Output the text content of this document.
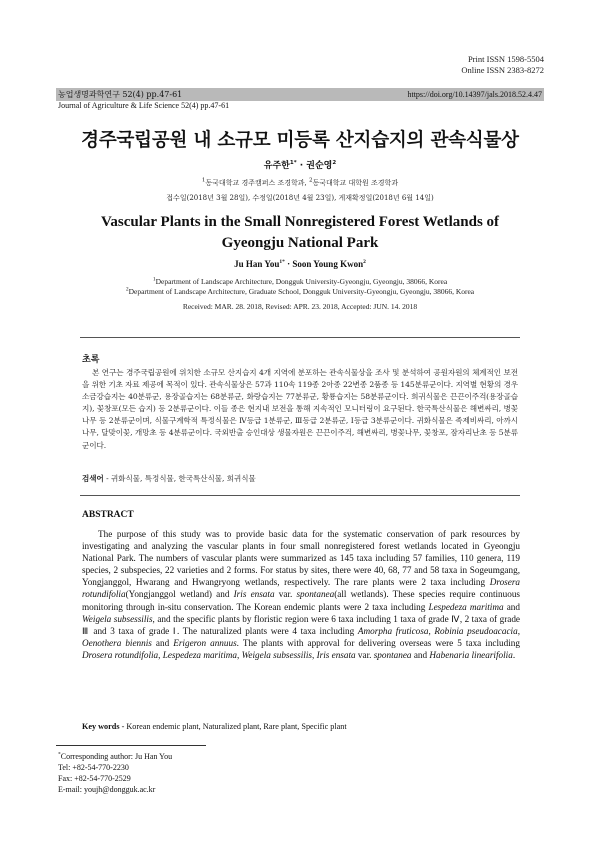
Print ISSN 1598-5504
Online ISSN 2383-8272
농업생명과학연구 52(4) pp.47-61	https://doi.org/10.14397/jals.2018.52.4.47
Journal of Agriculture & Life Science 52(4) pp.47-61
경주국립공원 내 소규모 미등록 산지습지의 관속식물상
유주한$^{1*}$ · 권순영$^2$
$^1$동국대학교 경주캠퍼스 조경학과, $^2$동국대학교 대학원 조경학과
접수일(2018년 3월 28일), 수정일(2018년 4월 23일), 게재확정일(2018년 6월 14일)
Vascular Plants in the Small Nonregistered Forest Wetlands of
Gyeongju National Park
Ju Han You$^{1*}$ · Soon Young Kwon$^2$
$^1$Department of Landscape Architecture, Dongguk University-Gyeongju, Gyeongju, 38066, Korea
$^2$Department of Landscape Architecture, Graduate School, Dongguk University-Gyeongju, Gyeongju, 38066, Korea
Received: MAR. 28. 2018, Revised: APR. 23. 2018, Accepted: JUN. 14. 2018
초록
본 연구는 경주국립공원에 위치한 소규모 산지습지 4개 지역에 분포하는 관속식물상을 조사 및 분석하여 공원자원의 체계적인 보전을 위한 기초 자료 제공에 목적이 있다. 관속식물상은 57과 110속 119종 2아종 22변종 2품종 등 145분류군이다. 지역별 현황의 경우 소금강습지는 40분류군, 용장골습지는 68분류군, 화랑습지는 77분류군, 황룡습지는 58분류군이다. 희귀식물은 끈끈이주걱(용장골습지), 꽃창포(모든 습지) 등 2분류군이다. 이들 종은 현지내 보전을 통해 지속적인 모니터링이 요구된다. 한국특산식물은 해변싸리, 병꽃나무 등 2분류군이며, 식물구계학적 특정식물은 Ⅳ등급 1분류군, Ⅲ등급 2분류군, Ⅰ등급 3분류군이다. 귀화식물은 족제비싸리, 아까시나무, 달맞이꽃, 개망초 등 4분류군이다. 국외반출 승인대상 생물자원은 끈끈이주걱, 해변싸리, 병꽃나무, 꽃창포, 잠자리난초 등 5분류군이다.
검색어 - 귀화식물, 특정식물, 한국특산식물, 희귀식물
ABSTRACT
The purpose of this study was to provide basic data for the systematic conservation of park resources by investigating and analyzing the vascular plants in four small nonregistered forest wetlands located in Gyeongju National Park. The numbers of vascular plants were summarized as 145 taxa including 57 families, 110 genera, 119 species, 2 subspecies, 22 varieties and 2 forms. For status by sites, there were 40, 68, 77 and 58 taxa in Sogeumgang, Yongjanggol, Hwarang and Hwangryong wetlands, respectively. The rare plants were 2 taxa including Drosera rotundifolia(Yongjanggol wetland) and Iris ensata var. spontanea(all wetlands). These species require continuous monitoring through in-situ conservation. The Korean endemic plants were 2 taxa including Lespedeza maritima and Weigela subsessilis, and the specific plants by floristic region were 6 taxa including 1 taxa of grade Ⅳ, 2 taxa of grade Ⅲ and 3 taxa of grade Ⅰ. The naturalized plants were 4 taxa including Amorpha fruticosa, Robinia pseudoacacia, Oenothera biennis and Erigeron annuus. The plants with approval for delivering overseas were 5 taxa including Drosera rotundifolia, Lespedeza maritima, Weigela subsessilis, Iris ensata var. spontanea and Habenaria linearifolia.
Key words - Korean endemic plant, Naturalized plant, Rare plant, Specific plant
*Corresponding author: Ju Han You
Tel: +82-54-770-2230
Fax: +82-54-770-2529
E-mail: youjh@dongguk.ac.kr
